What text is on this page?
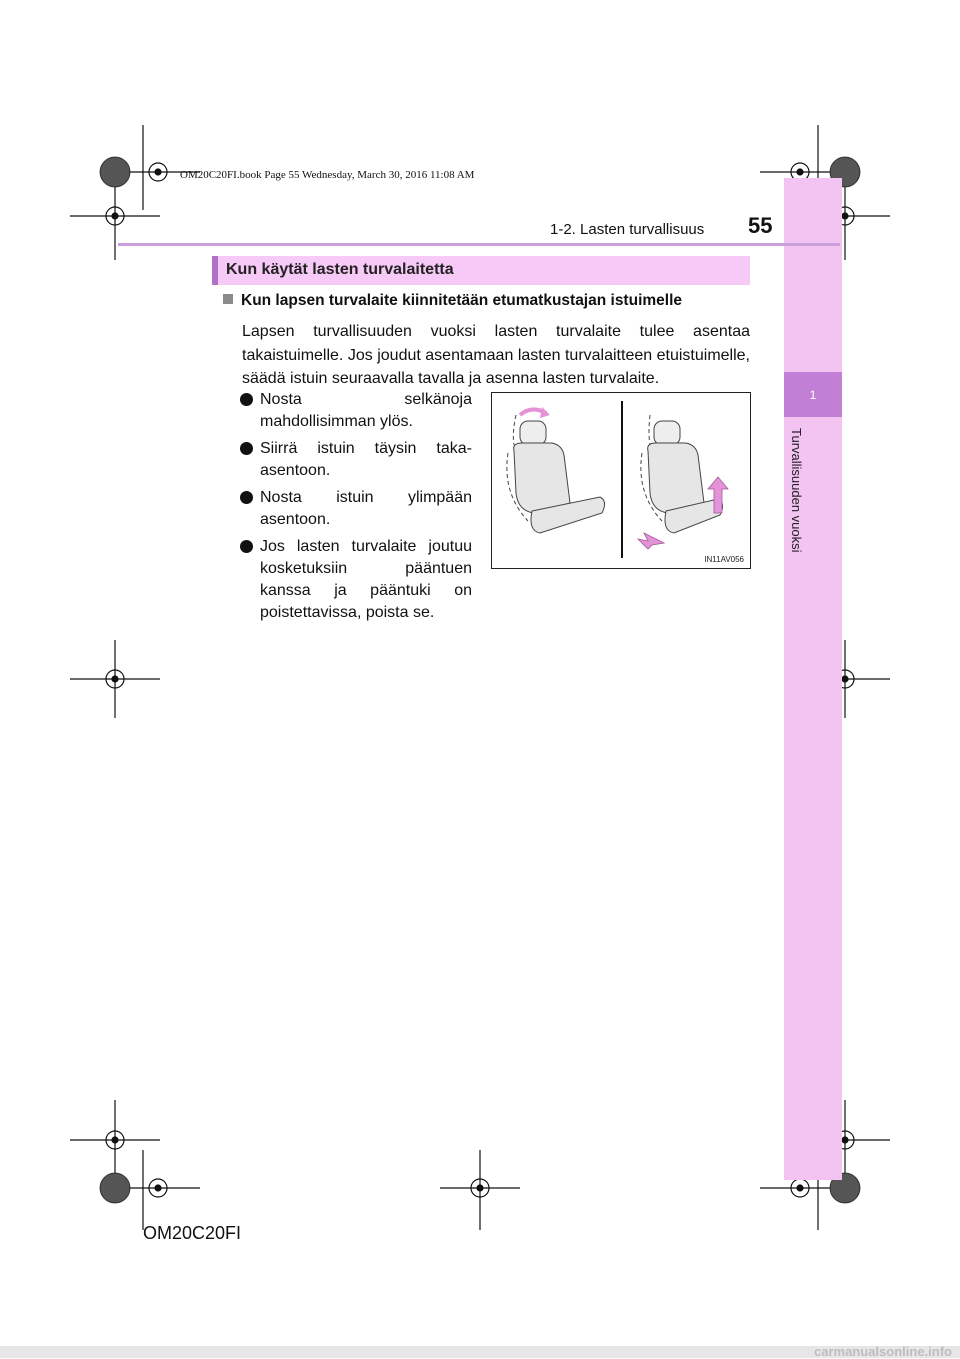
OM20C20FI.book Page 55 Wednesday, March 30, 2016 11:08 AM
1
Turvallisuuden vuoksi
1-2. Lasten turvallisuus 55
Kun käytät lasten turvalaitetta
Kun lapsen turvalaite kiinnitetään etumatkustajan istuimelle
Lapsen turvallisuuden vuoksi lasten turvalaite tulee asentaa takaistuimelle. Jos joudut asentamaan lasten turvalaitteen etuistuimelle, säädä istuin seuraavalla tavalla ja asenna lasten turvalaite.
Nosta selkänoja mahdollisimman ylös.
Siirrä istuin täysin taka-asentoon.
Nosta istuin ylimpään asentoon.
Jos lasten turvalaite joutuu kosketuksiin pääntuen kanssa ja pääntuki on poistettavissa, poista se.
IN11AV056
OM20C20FI
carmanualsonline.info
